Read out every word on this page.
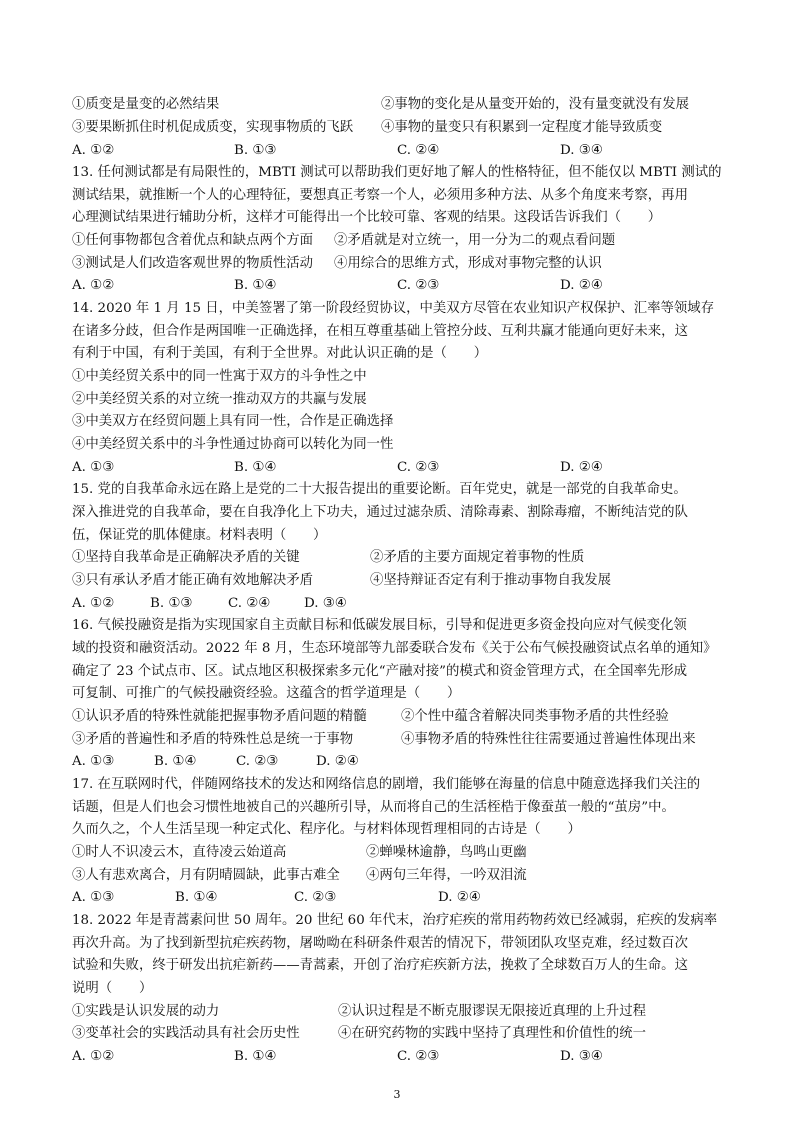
①质变是量变的必然结果	②事物的变化是从量变开始的，没有量变就没有发展
③要果断抓住时机促成质变，实现事物质的飞跃 ④事物的量变只有积累到一定程度才能导致质变
A. ①②	B. ①③	C. ②④	D. ③④
13. 任何测试都是有局限性的，MBTI 测试可以帮助我们更好地了解人的性格特征，但不能仅以 MBTI 测试的
测试结果，就推断一个人的心理特征，要想真正考察一个人，必须用多种方法、从多个角度来考察，再用
心理测试结果进行辅助分析，这样才可能得出一个比较可靠、客观的结果。这段话告诉我们（　　）
①任何事物都包含着优点和缺点两个方面 ②矛盾就是对立统一，用一分为二的观点看问题
③测试是人们改造客观世界的物质性活动 ④用综合的思维方式，形成对事物完整的认识
A. ①②	B. ①④	C. ②③	D. ②④
14. 2020 年 1 月 15 日，中美签署了第一阶段经贸协议，中美双方尽管在农业知识产权保护、汇率等领域存
在诸多分歧，但合作是两国唯一正确选择，在相互尊重基础上管控分歧、互利共赢才能通向更好未来，这
有利于中国，有利于美国，有利于全世界。对此认识正确的是（　　）
①中美经贸关系中的同一性寓于双方的斗争性之中
②中美经贸关系的对立统一推动双方的共赢与发展
③中美双方在经贸问题上具有同一性，合作是正确选择
④中美经贸关系中的斗争性通过协商可以转化为同一性
A. ①③	B. ①④	C. ②③	D. ②④
15. 党的自我革命永远在路上是党的二十大报告提出的重要论断。百年党史，就是一部党的自我革命史。
深入推进党的自我革命，要在自我净化上下功夫，通过过滤杂质、清除毒素、割除毒瘤，不断纯洁党的队
伍，保证党的肌体健康。材料表明（　　）
①坚持自我革命是正确解决矛盾的关键	②矛盾的主要方面规定着事物的性质
③只有承认矛盾才能正确有效地解决矛盾	④坚持辩证否定有利于推动事物自我发展
A. ①②	B. ①③	C. ②④	D. ③④
16. 气候投融资是指为实现国家自主贡献目标和低碳发展目标，引导和促进更多资金投向应对气候变化领
域的投资和融资活动。2022 年 8 月，生态环境部等九部委联合发布《关于公布气候投融资试点名单的通知》
确定了 23 个试点市、区。试点地区积极探索多元化“产融对接”的模式和资金管理方式，在全国率先形成
可复制、可推广的气候投融资经验。这蕴含的哲学道理是（　　）
①认识矛盾的特殊性就能把握事物矛盾问题的精髓	②个性中蕴含着解决同类事物矛盾的共性经验
③矛盾的普遍性和矛盾的特殊性总是统一于事物	④事物矛盾的特殊性往往需要通过普遍性体现出来
A. ①③	B. ①④	C. ②③	D. ②④
17. 在互联网时代，伴随网络技术的发达和网络信息的剧增，我们能够在海量的信息中随意选择我们关注的
话题，但是人们也会习惯性地被自己的兴趣所引导，从而将自己的生活桎梏于像蚕茧一般的“茧房”中。
久而久之，个人生活呈现一种定式化、程序化。与材料体现哲理相同的古诗是（　　）
①时人不识凌云木，直待凌云始道高	②蝉噪林逾静，鸟鸣山更幽
③人有悲欢离合，月有阴晴圆缺，此事古难全 ④两句三年得，一吟双泪流
A. ①③	B. ①④	C. ②③	D. ②④
18. 2022 年是青蒿素问世 50 周年。20 世纪 60 年代末，治疗疟疾的常用药物药效已经减弱，疟疾的发病率
再次升高。为了找到新型抗疟疾药物，屠呦呦在科研条件艰苦的情况下，带领团队攻坚克难，经过数百次
试验和失败，终于研发出抗疟新药——青蒿素，开创了治疗疟疾新方法，挽救了全球数百万人的生命。这
说明（　　）
①实践是认识发展的动力	②认识过程是不断克服谬误无限接近真理的上升过程
③变革社会的实践活动具有社会历史性	④在研究药物的实践中坚持了真理性和价值性的统一
A. ①②	B. ①④	C. ②③	D. ③④
3
